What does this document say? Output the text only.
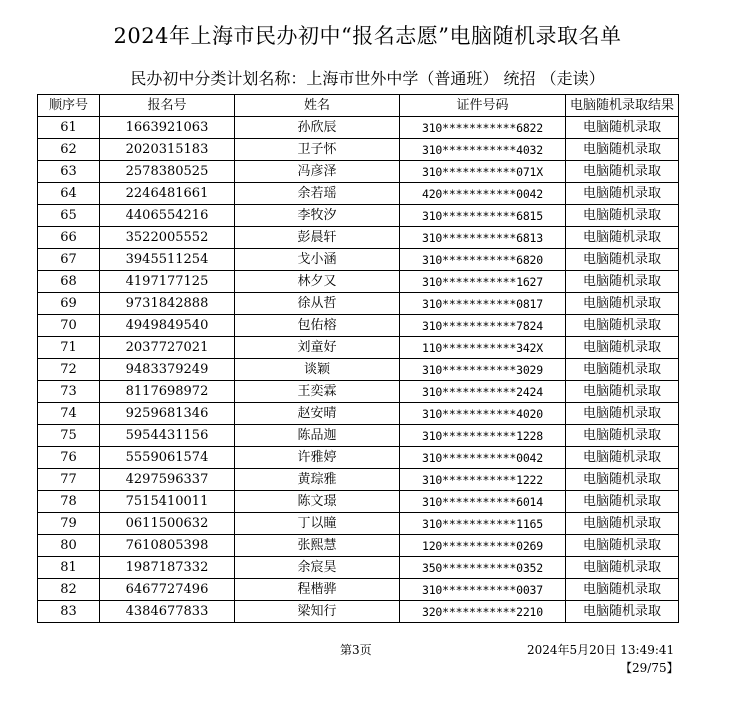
2024年上海市民办初中“报名志愿”电脑随机录取名单
民办初中分类计划名称：上海市世外中学（普通班） 统招 （走读）
顺序号	报名号	姓名	证件号码	电脑随机录取结果
61	1663921063	孙欣辰	310***********6822	电脑随机录取
62	2020315183	卫子怀	310***********4032	电脑随机录取
63	2578380525	冯彦泽	310***********071X	电脑随机录取
64	2246481661	余若瑶	420***********0042	电脑随机录取
65	4406554216	李牧汐	310***********6815	电脑随机录取
66	3522005552	彭晨轩	310***********6813	电脑随机录取
67	3945511254	戈小涵	310***********6820	电脑随机录取
68	4197177125	林夕又	310***********1627	电脑随机录取
69	9731842888	徐从哲	310***********0817	电脑随机录取
70	4949849540	包佑榕	310***********7824	电脑随机录取
71	2037727021	刘童好	110***********342X	电脑随机录取
72	9483379249	谈颖	310***********3029	电脑随机录取
73	8117698972	王奕霖	310***********2424	电脑随机录取
74	9259681346	赵安晴	310***********4020	电脑随机录取
75	5954431156	陈品迦	310***********1228	电脑随机录取
76	5559061574	许雅婷	310***********0042	电脑随机录取
77	4297596337	黄琮雅	310***********1222	电脑随机录取
78	7515410011	陈文璟	310***********6014	电脑随机录取
79	0611500632	丁以瞳	310***********1165	电脑随机录取
80	7610805398	张熙慧	120***********0269	电脑随机录取
81	1987187332	余宸昊	350***********0352	电脑随机录取
82	6467727496	程楷骅	310***********0037	电脑随机录取
83	4384677833	梁知行	320***********2210	电脑随机录取
第3页	2024年5月20日 13:49:41
【29/75】
